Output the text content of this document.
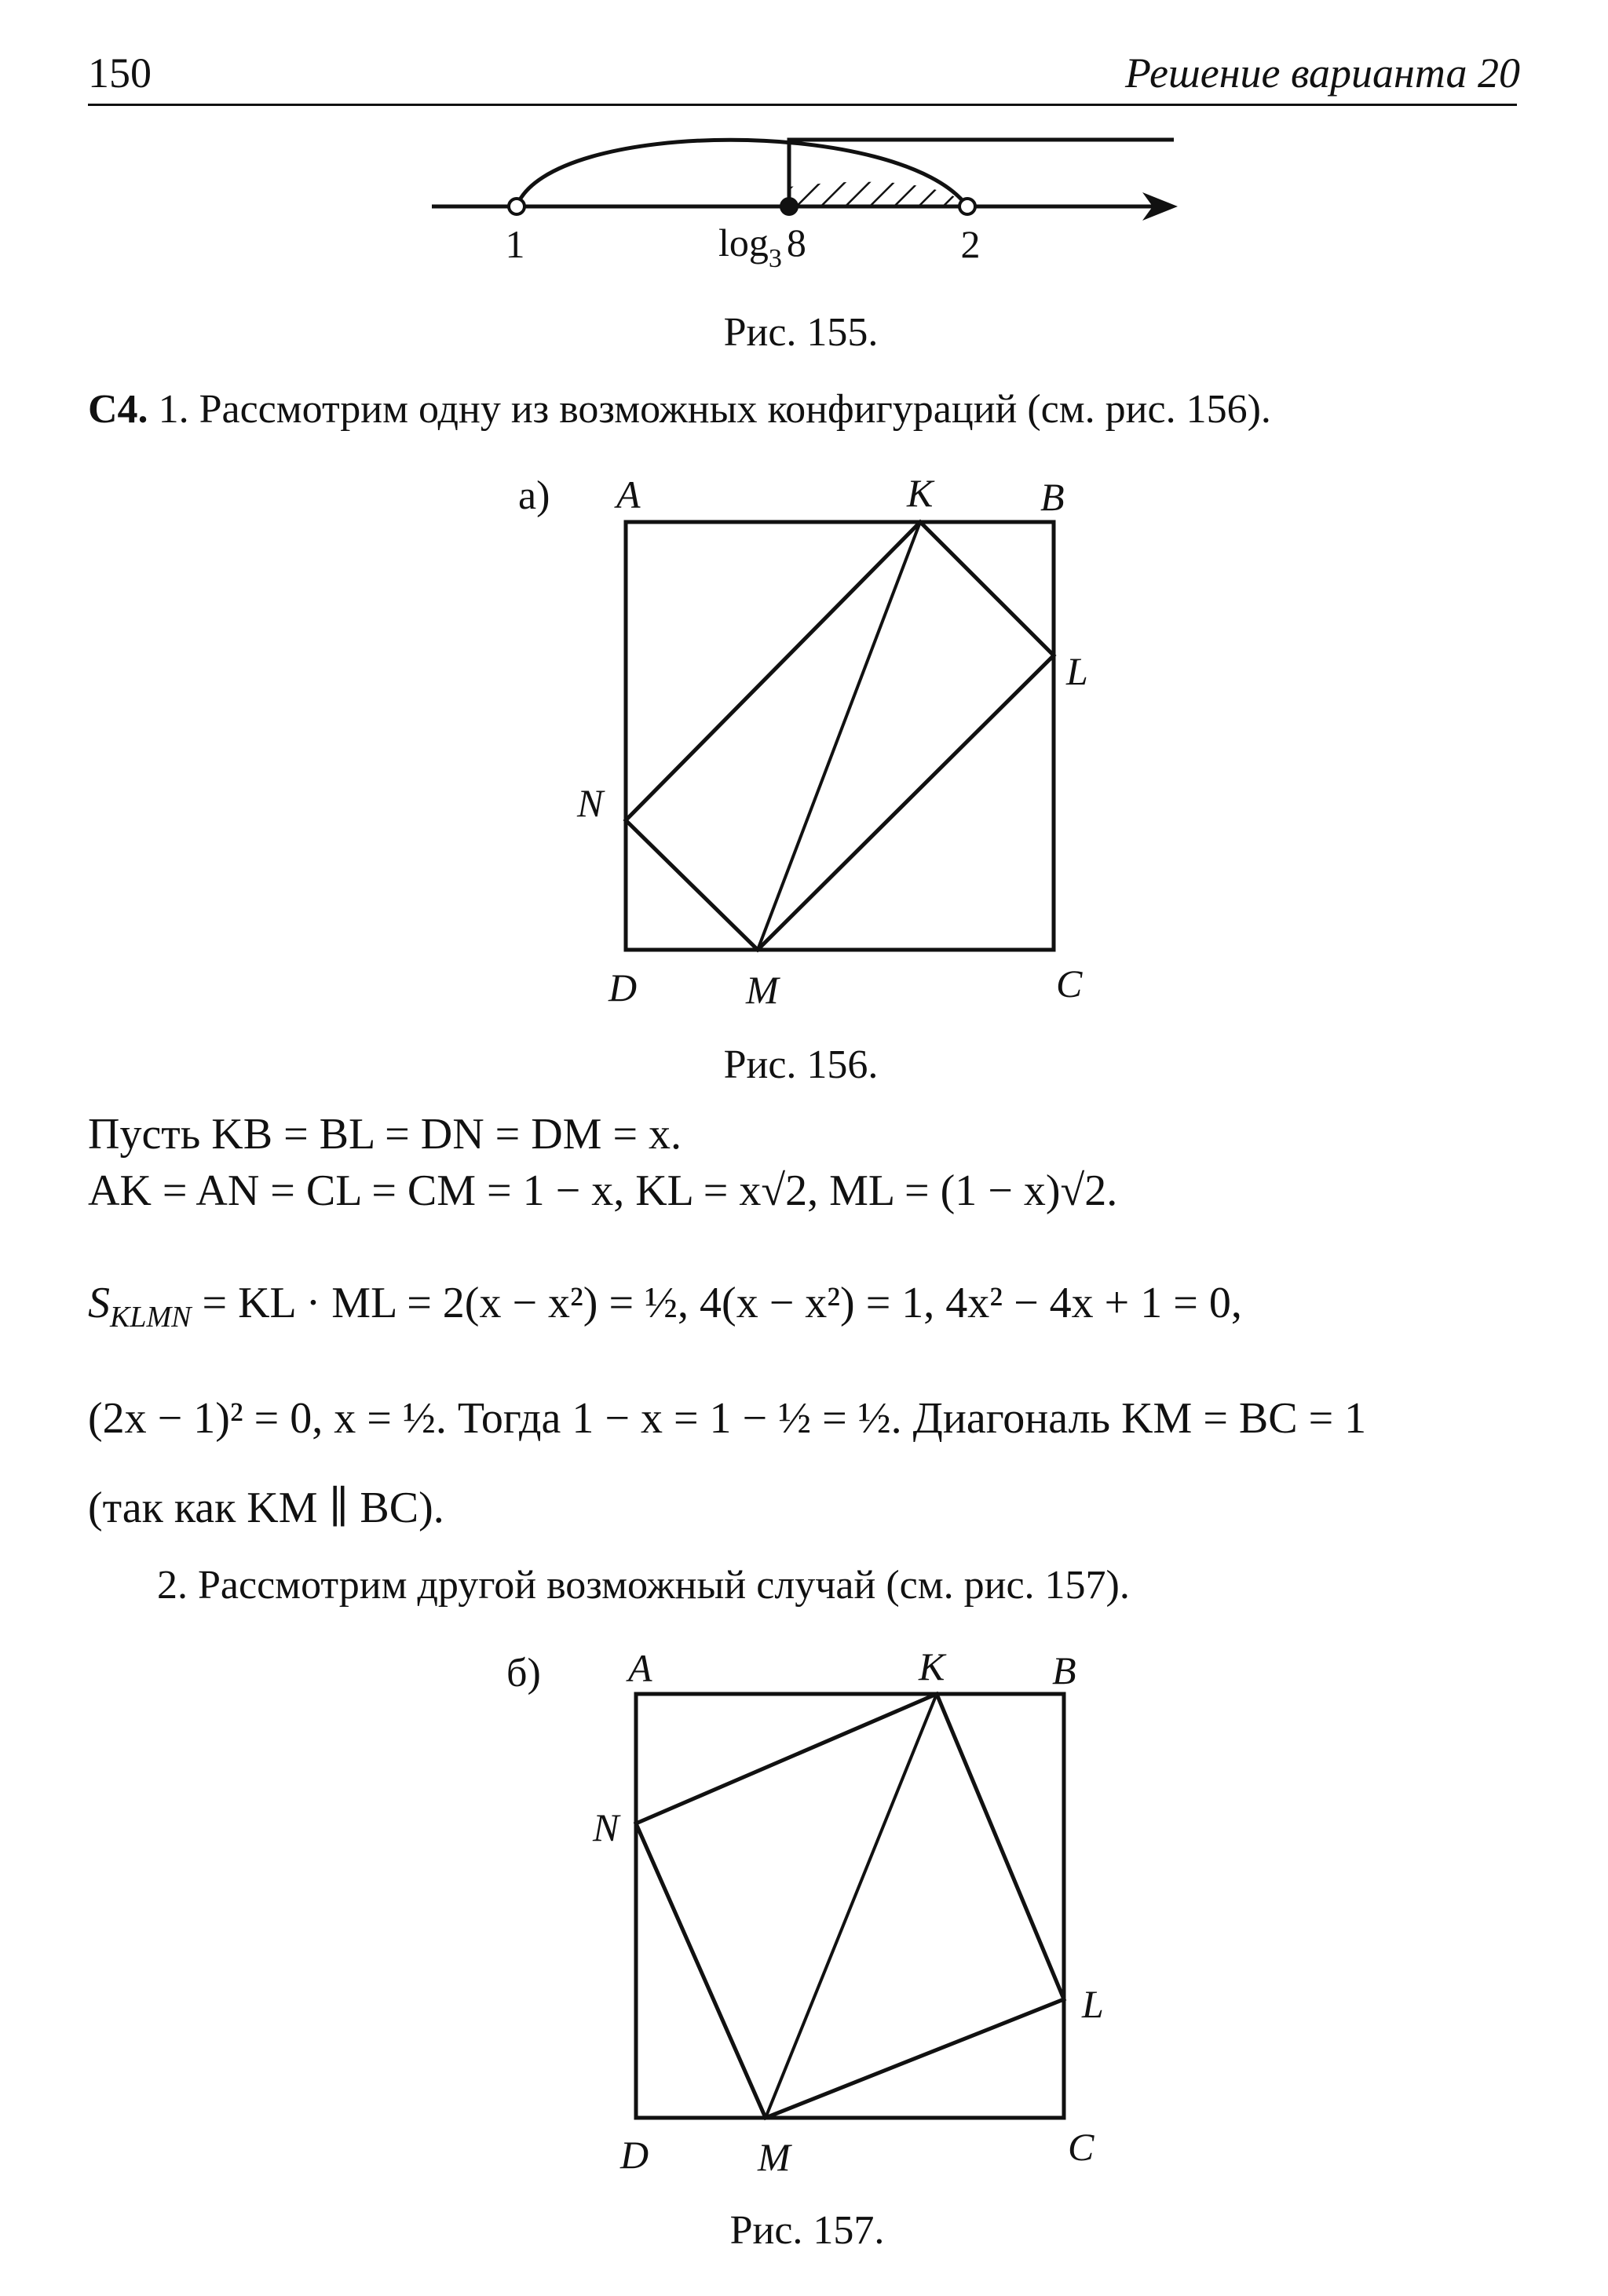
150	Решение варианта 20
1	$\log_3 8$	2
Рис. 155.
C4. 1. Рассмотрим одну из возможных конфигураций (см. рис. 156).
а) A	K	B
L
N
D	M	C
Рис. 156.
Пусть KB = BL = DN = DM = x.
AK = AN = CL = CM = 1 − x, KL = x√2, ML = (1 − x)√2.
$S_{KLMN}$ = KL · ML = 2(x − x²) = ½, 4(x − x²) = 1, 4x² − 4x + 1 = 0,
(2x − 1)² = 0, x = ½. Тогда 1 − x = 1 − ½ = ½. Диагональ KM = BC = 1
(так как KM ∥ BC).
2. Рассмотрим другой возможный случай (см. рис. 157).
б) A	K	B
N
L
D	M	C
Рис. 157.
